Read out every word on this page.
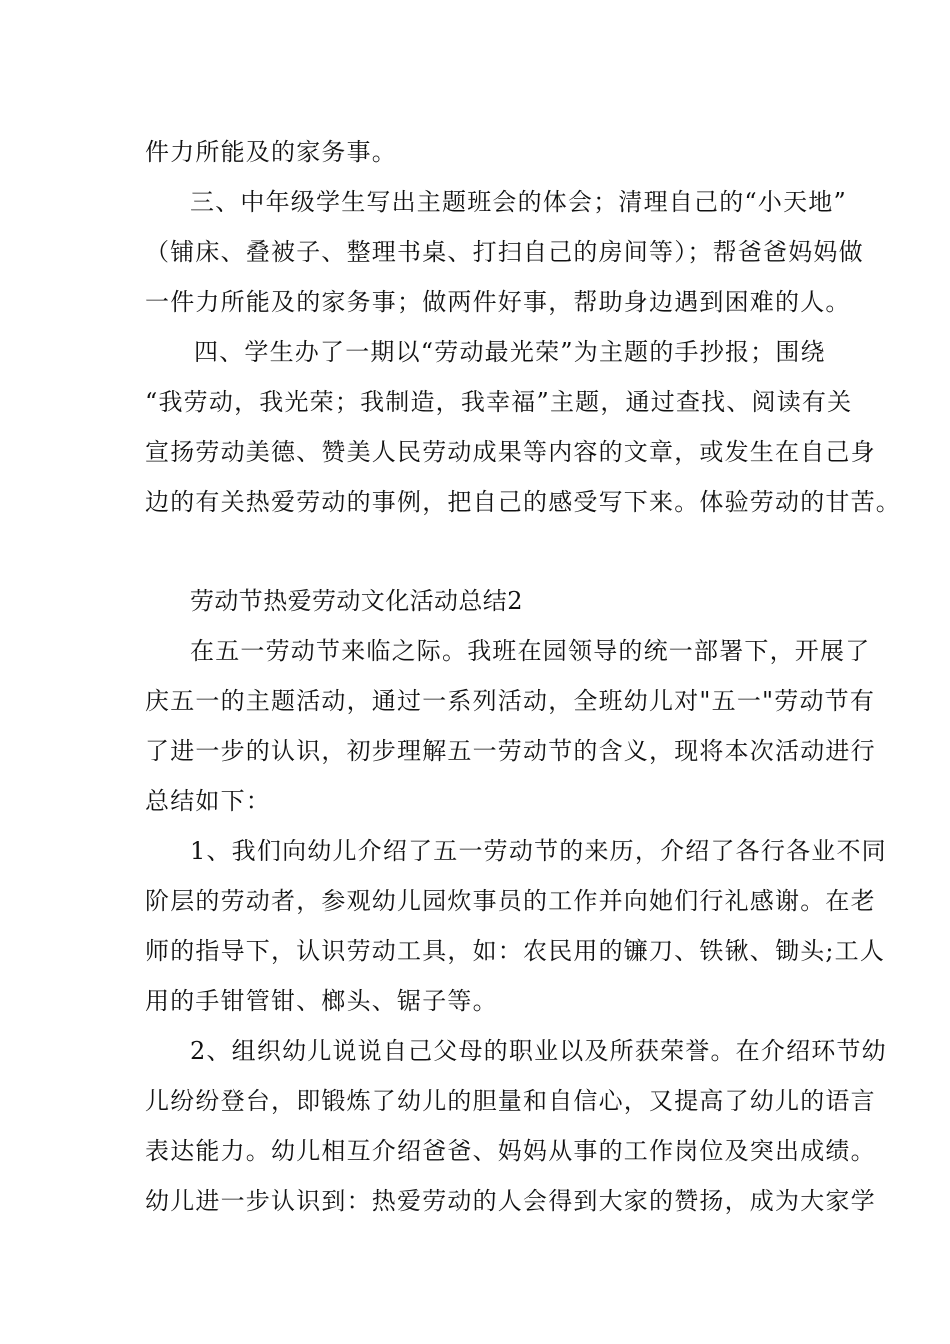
件力所能及的家务事。
三、中年级学生写出主题班会的体会；清理自己的“小天地”
（铺床、叠被子、整理书桌、打扫自己的房间等）；帮爸爸妈妈做
一件力所能及的家务事；做两件好事，帮助身边遇到困难的人。
四、学生办了一期以“劳动最光荣”为主题的手抄报；围绕
“我劳动，我光荣；我制造，我幸福”主题，通过查找、阅读有关
宣扬劳动美德、赞美人民劳动成果等内容的文章，或发生在自己身
边的有关热爱劳动的事例，把自己的感受写下来。体验劳动的甘苦。
劳动节热爱劳动文化活动总结2
在五一劳动节来临之际。我班在园领导的统一部署下，开展了
庆五一的主题活动，通过一系列活动，全班幼儿对"五一"劳动节有
了进一步的认识，初步理解五一劳动节的含义，现将本次活动进行
总结如下：
1、我们向幼儿介绍了五一劳动节的来历，介绍了各行各业不同
阶层的劳动者，参观幼儿园炊事员的工作并向她们行礼感谢。在老
师的指导下，认识劳动工具，如：农民用的镰刀、铁锹、锄头;工人
用的手钳管钳、榔头、锯子等。
2、组织幼儿说说自己父母的职业以及所获荣誉。在介绍环节幼
儿纷纷登台，即锻炼了幼儿的胆量和自信心，又提高了幼儿的语言
表达能力。幼儿相互介绍爸爸、妈妈从事的工作岗位及突出成绩。
幼儿进一步认识到：热爱劳动的人会得到大家的赞扬，成为大家学
